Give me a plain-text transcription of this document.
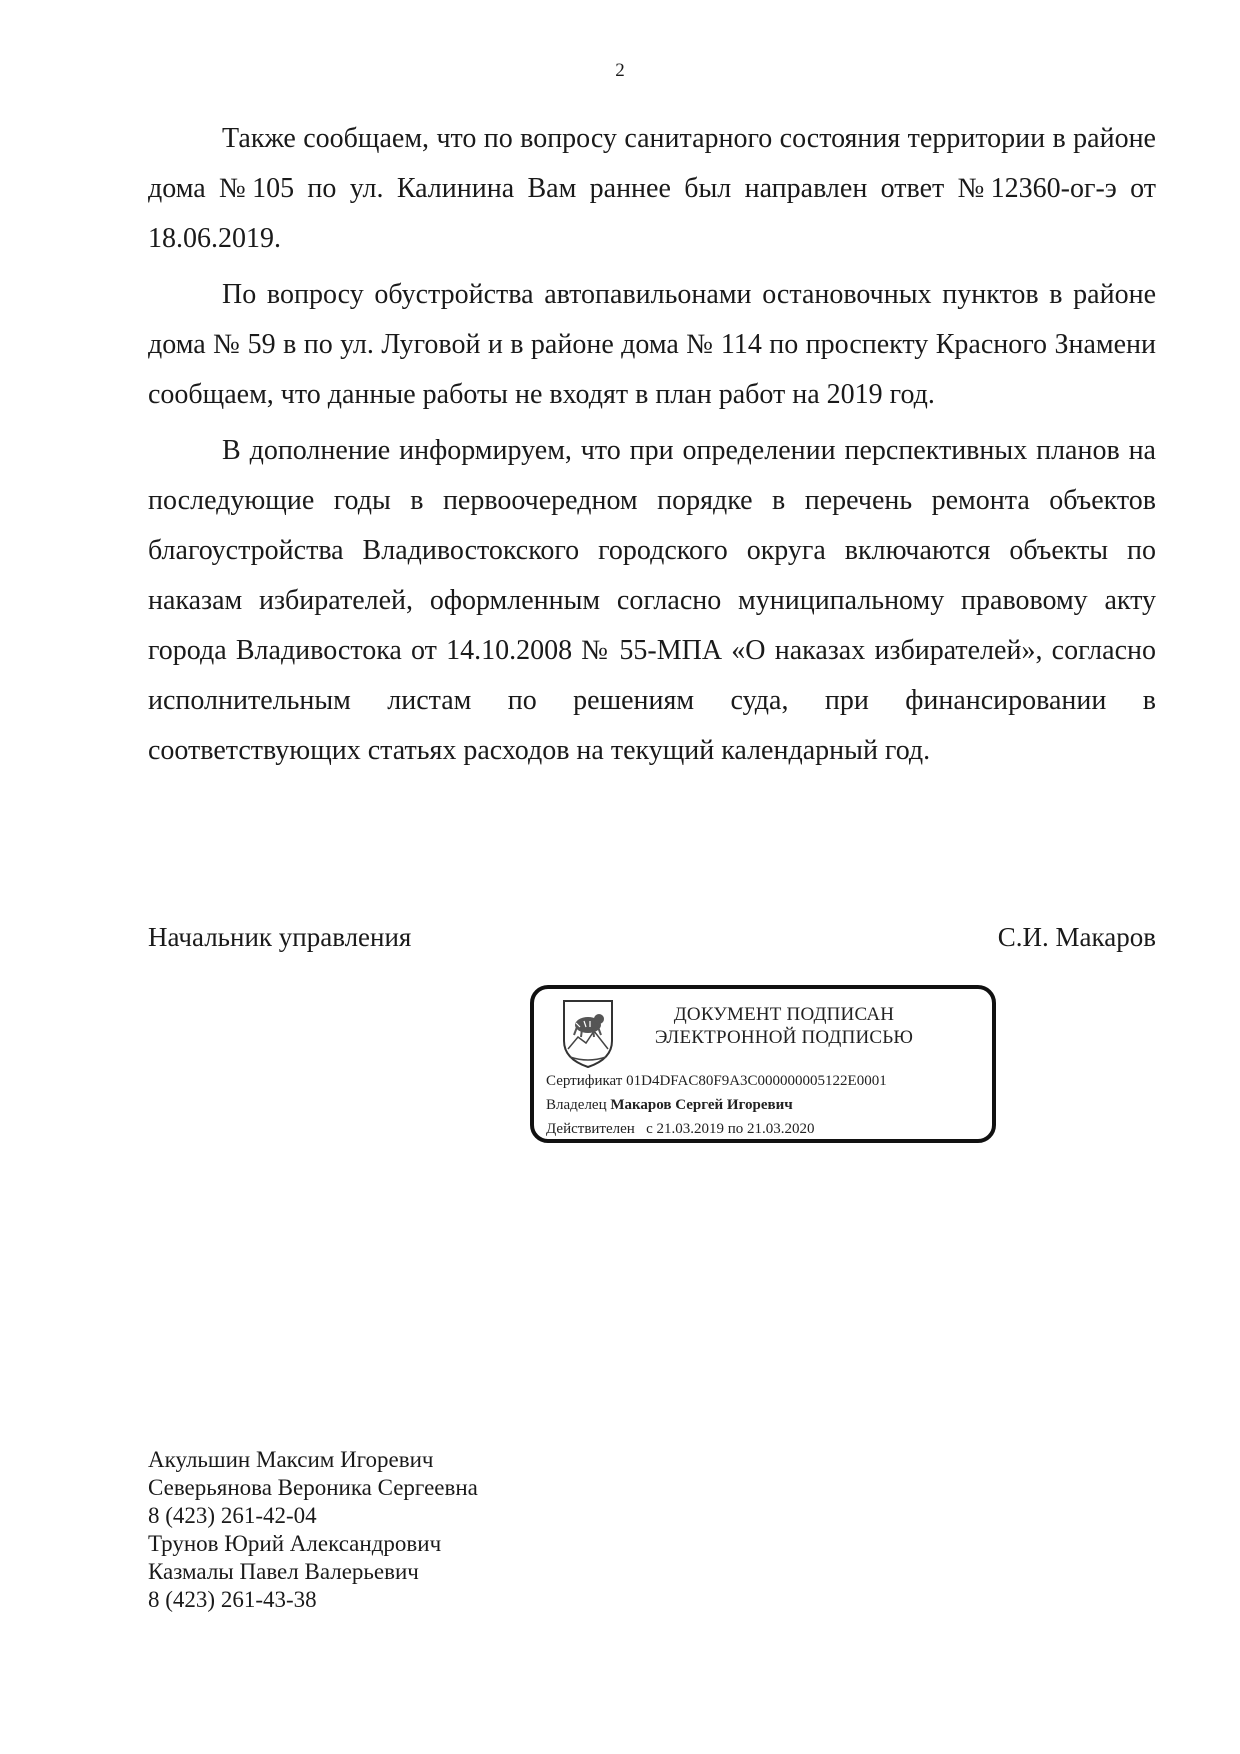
2

Также сообщаем, что по вопросу санитарного состояния территории в районе дома №105 по ул. Калинина Вам раннее был направлен ответ №12360-ог-э от 18.06.2019.

По вопросу обустройства автопавильонами остановочных пунктов в районе дома № 59 в по ул. Луговой и в районе дома № 114 по проспекту Красного Знамени сообщаем, что данные работы не входят в план работ на 2019 год.

В дополнение информируем, что при определении перспективных планов на последующие годы в первоочередном порядке в перечень ремонта объектов благоустройства Владивостокского городского округа включаются объекты по наказам избирателей, оформленным согласно муниципальному правовому акту города Владивостока от 14.10.2008 № 55-МПА «О наказах избирателей», согласно исполнительным листам по решениям суда, при финансировании в соответствующих статьях расходов на текущий календарный год.

Начальник управления	С.И. Макаров
ДОКУМЕНТ ПОДПИСАН
ЭЛЕКТРОННОЙ ПОДПИСЬЮ
Сертификат 01D4DFAC80F9A3C000000005122E0001
Владелец Макаров Сергей Игоревич
Действителен с 21.03.2019 по 21.03.2020
Акульшин Максим Игоревич
Северьянова Вероника Сергеевна
8 (423) 261-42-04
Трунов Юрий Александрович
Казмалы Павел Валерьевич
8 (423) 261-43-38
